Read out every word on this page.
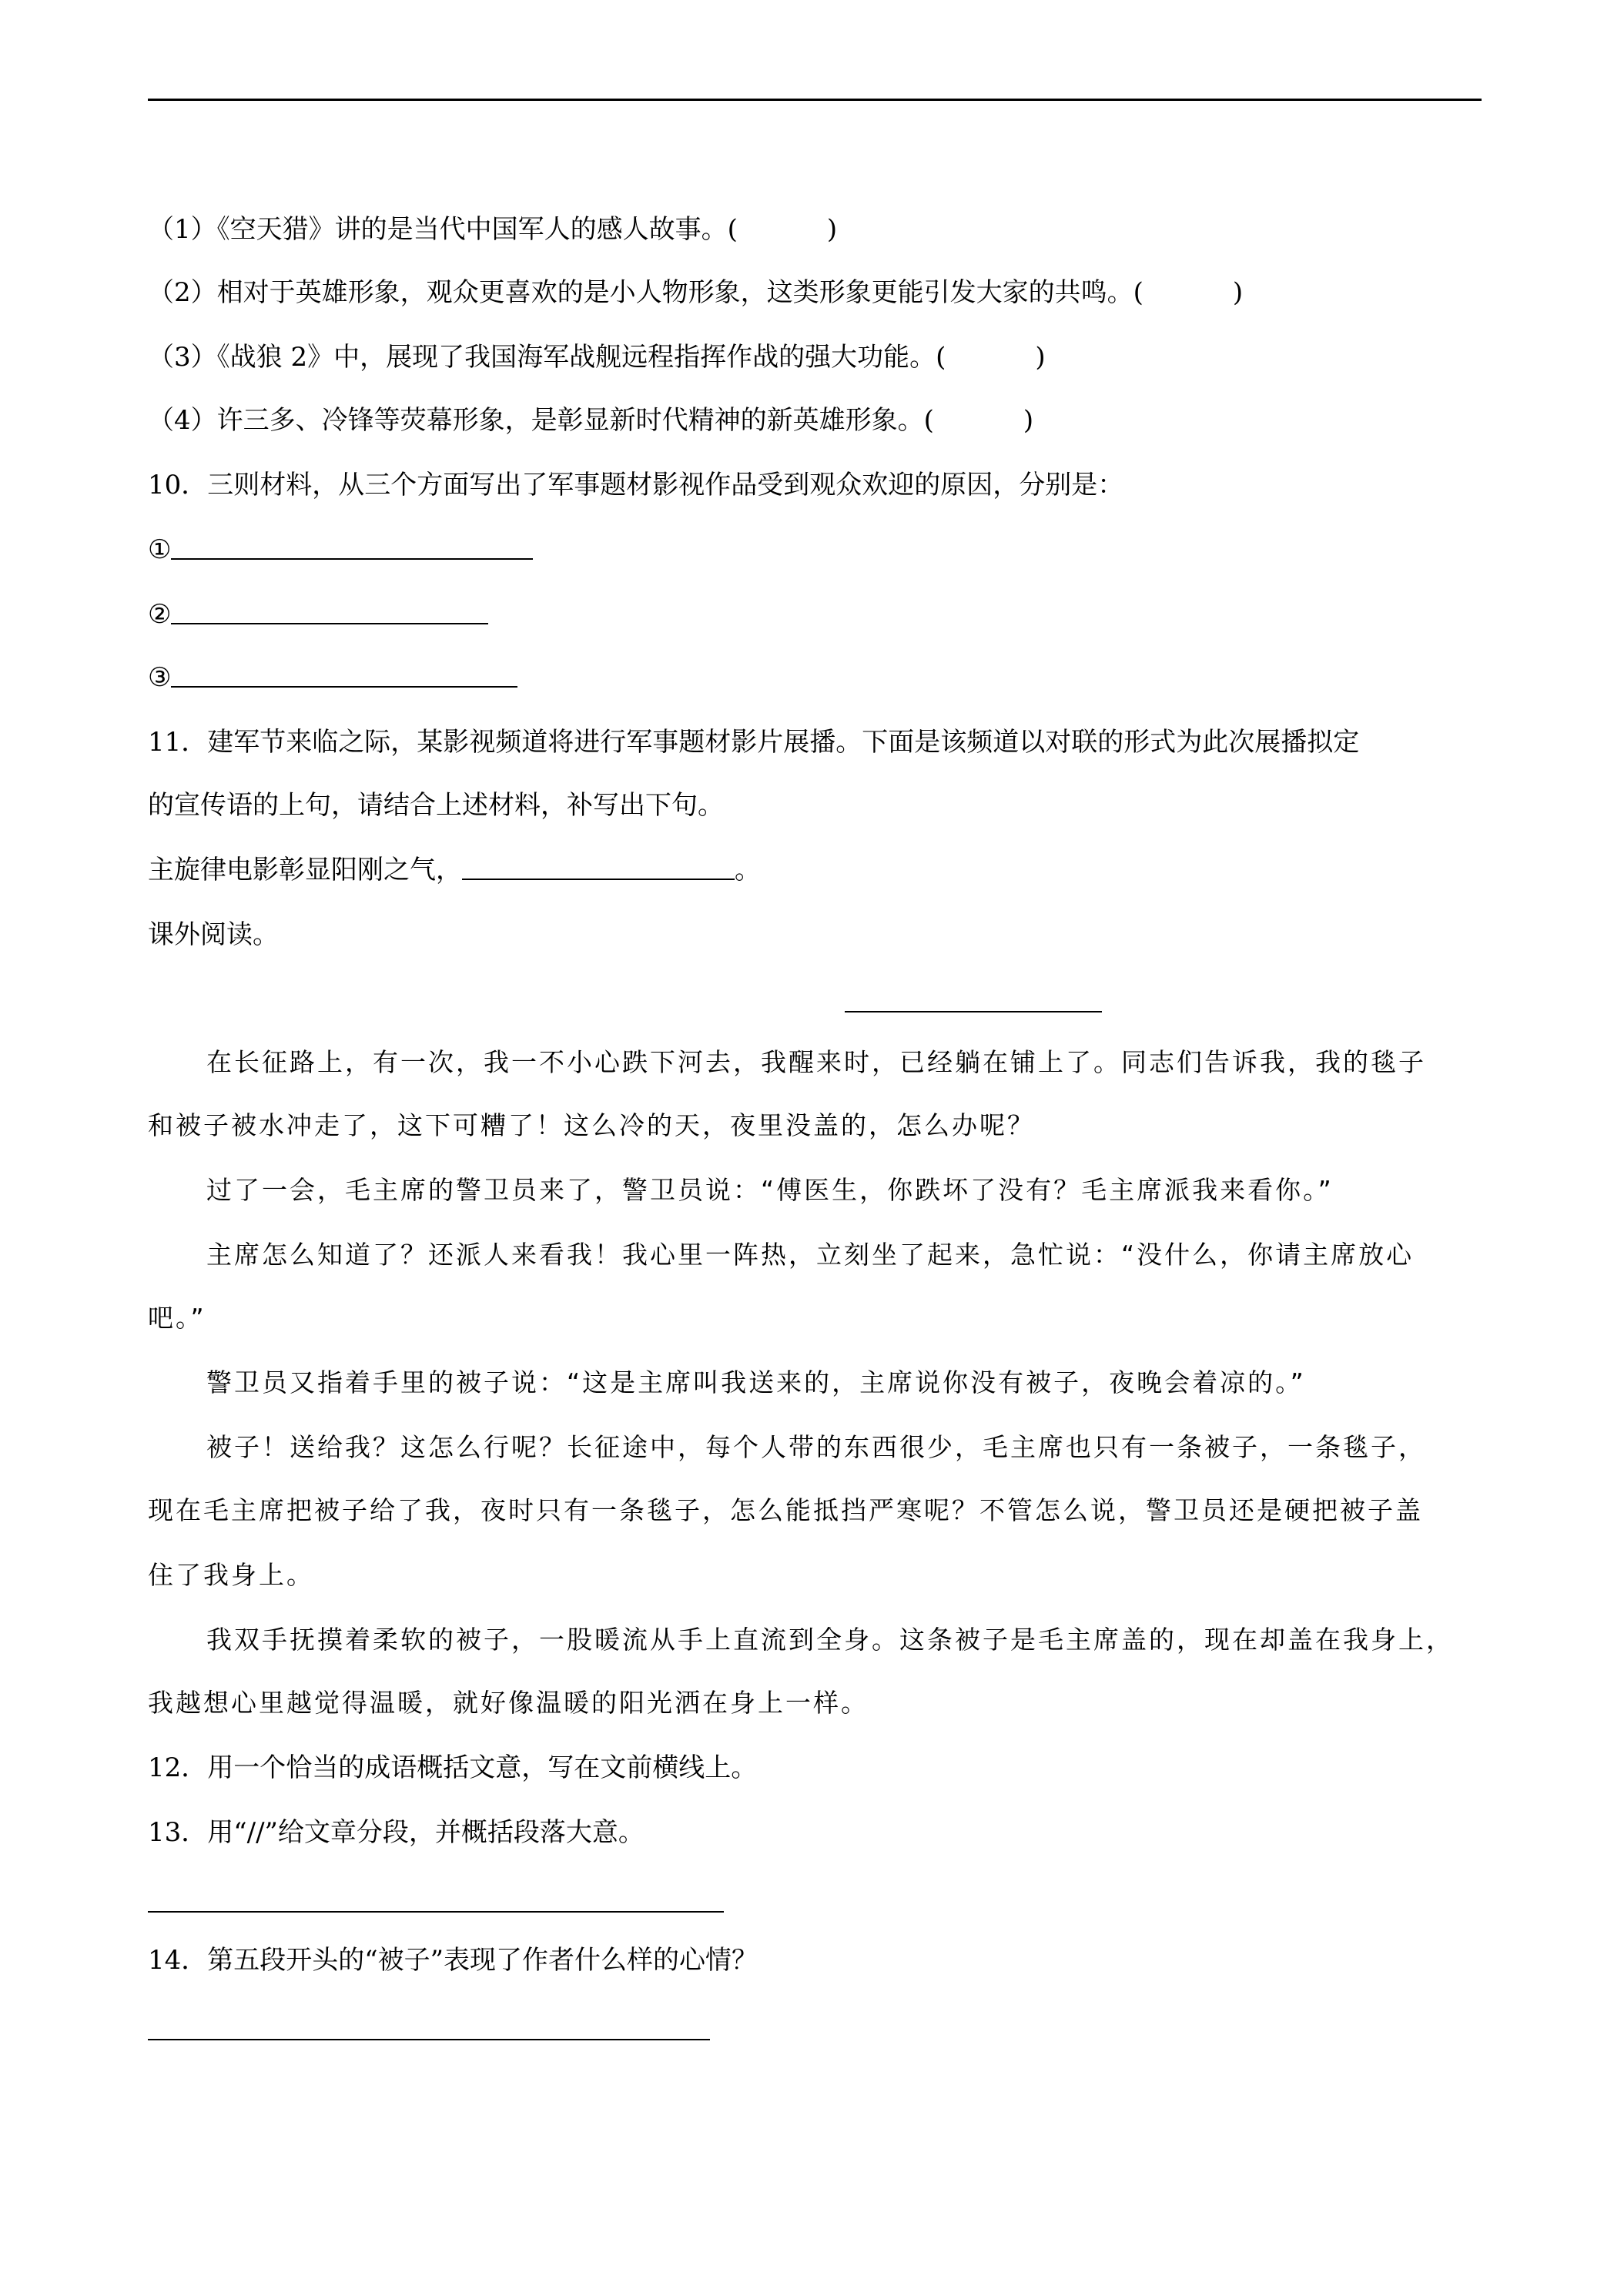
（1）《空天猎》讲的是当代中国军人的感人故事。(	)
（2）相对于英雄形象，观众更喜欢的是小人物形象，这类形象更能引发大家的共鸣。(	)
（3）《战狼 2》中，展现了我国海军战舰远程指挥作战的强大功能。(	)
（4）许三多、冷锋等荧幕形象，是彰显新时代精神的新英雄形象。(	)
10．三则材料，从三个方面写出了军事题材影视作品受到观众欢迎的原因，分别是：
①
②
③
11．建军节来临之际，某影视频道将进行军事题材影片展播。下面是该频道以对联的形式为此次展播拟定
的宣传语的上句，请结合上述材料，补写出下句。
主旋律电影彰显阳刚之气，	。
课外阅读。
在长征路上，有一次，我一不小心跌下河去，我醒来时，已经躺在铺上了。同志们告诉我，我的毯子
和被子被水冲走了，这下可糟了！这么冷的天，夜里没盖的，怎么办呢？
过了一会，毛主席的警卫员来了，警卫员说：“傅医生，你跌坏了没有？毛主席派我来看你。”
主席怎么知道了？还派人来看我！我心里一阵热，立刻坐了起来，急忙说：“没什么，你请主席放心
吧。”
警卫员又指着手里的被子说：“这是主席叫我送来的，主席说你没有被子，夜晚会着凉的。”
被子！送给我？这怎么行呢？长征途中，每个人带的东西很少，毛主席也只有一条被子，一条毯子，
现在毛主席把被子给了我，夜时只有一条毯子，怎么能抵挡严寒呢？不管怎么说，警卫员还是硬把被子盖
住了我身上。
我双手抚摸着柔软的被子，一股暖流从手上直流到全身。这条被子是毛主席盖的，现在却盖在我身上，
我越想心里越觉得温暖，就好像温暖的阳光洒在身上一样。
12．用一个恰当的成语概括文意，写在文前横线上。
13．用“//”给文章分段，并概括段落大意。
14．第五段开头的“被子”表现了作者什么样的心情？
